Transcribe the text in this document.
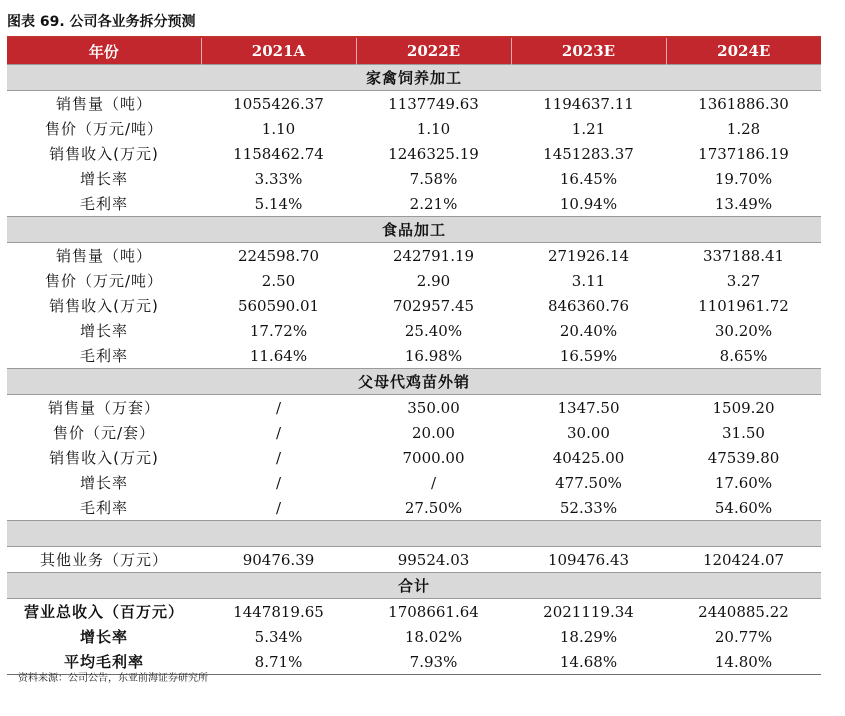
图表 69. 公司各业务拆分预测
年份	2021A	2022E	2023E	2024E
家禽饲养加工				
销售量（吨）	1055426.37	1137749.63	1194637.11	1361886.30
售价（万元/吨）	1.10	1.10	1.21	1.28
销售收入(万元)	1158462.74	1246325.19	1451283.37	1737186.19
增长率	3.33%	7.58%	16.45%	19.70%
毛利率	5.14%	2.21%	10.94%	13.49%
食品加工				
销售量（吨）	224598.70	242791.19	271926.14	337188.41
售价（万元/吨）	2.50	2.90	3.11	3.27
销售收入(万元)	560590.01	702957.45	846360.76	1101961.72
增长率	17.72%	25.40%	20.40%	30.20%
毛利率	11.64%	16.98%	16.59%	8.65%
父母代鸡苗外销				
销售量（万套）	/	350.00	1347.50	1509.20
售价（元/套）	/	20.00	30.00	31.50
销售收入(万元)	/	7000.00	40425.00	47539.80
增长率	/	/	477.50%	17.60%
毛利率	/	27.50%	52.33%	54.60%

其他业务（万元）	90476.39	99524.03	109476.43	120424.07
合计				
营业总收入（百万元）	1447819.65	1708661.64	2021119.34	2440885.22
增长率	5.34%	18.02%	18.29%	20.77%
平均毛利率	8.71%	7.93%	14.68%	14.80%
资料来源：公司公告，东亚前海证券研究所
